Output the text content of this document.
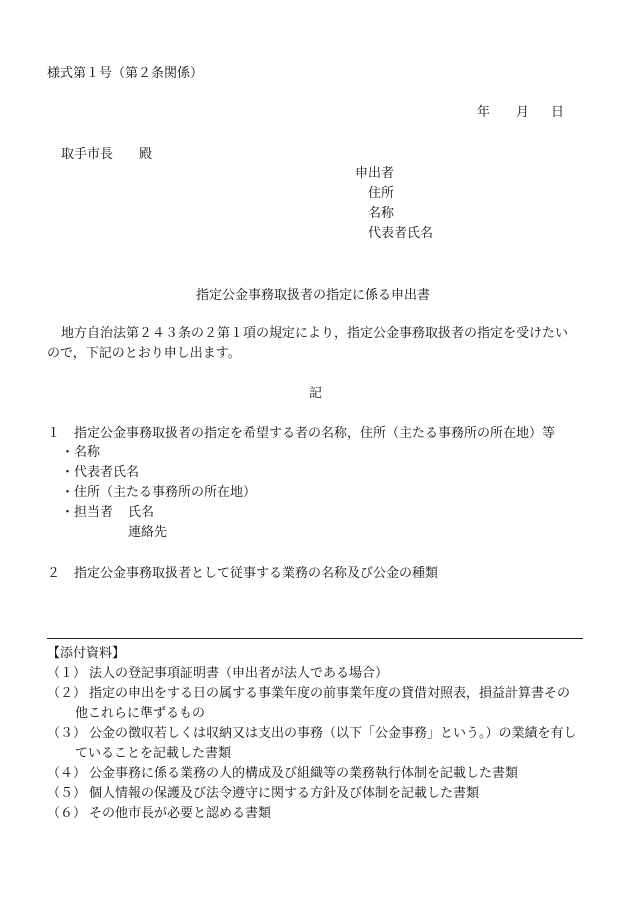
様式第１号（第２条関係）
年 月 日
取手市長 殿
申出者
住所
名称
代表者氏名
指定公金事務取扱者の指定に係る申出書
地方自治法第２４３条の２第１項の規定により，指定公金事務取扱者の指定を受けたい
ので，下記のとおり申し出ます。
記
１ 指定公金事務取扱者の指定を希望する者の名称，住所（主たる事務所の所在地）等
・名称
・代表者氏名
・住所（主たる事務所の所在地）
・担当者 氏名
連絡先
２ 指定公金事務取扱者として従事する業務の名称及び公金の種類
【添付資料】
（１） 法人の登記事項証明書（申出者が法人である場合）
（２） 指定の申出をする日の属する事業年度の前事業年度の貸借対照表，損益計算書その
他これらに準ずるもの
（３） 公金の徴収若しくは収納又は支出の事務（以下「公金事務」という。）の業績を有し
ていることを記載した書類
（４） 公金事務に係る業務の人的構成及び組織等の業務執行体制を記載した書類
（５） 個人情報の保護及び法令遵守に関する方針及び体制を記載した書類
（６） その他市長が必要と認める書類
